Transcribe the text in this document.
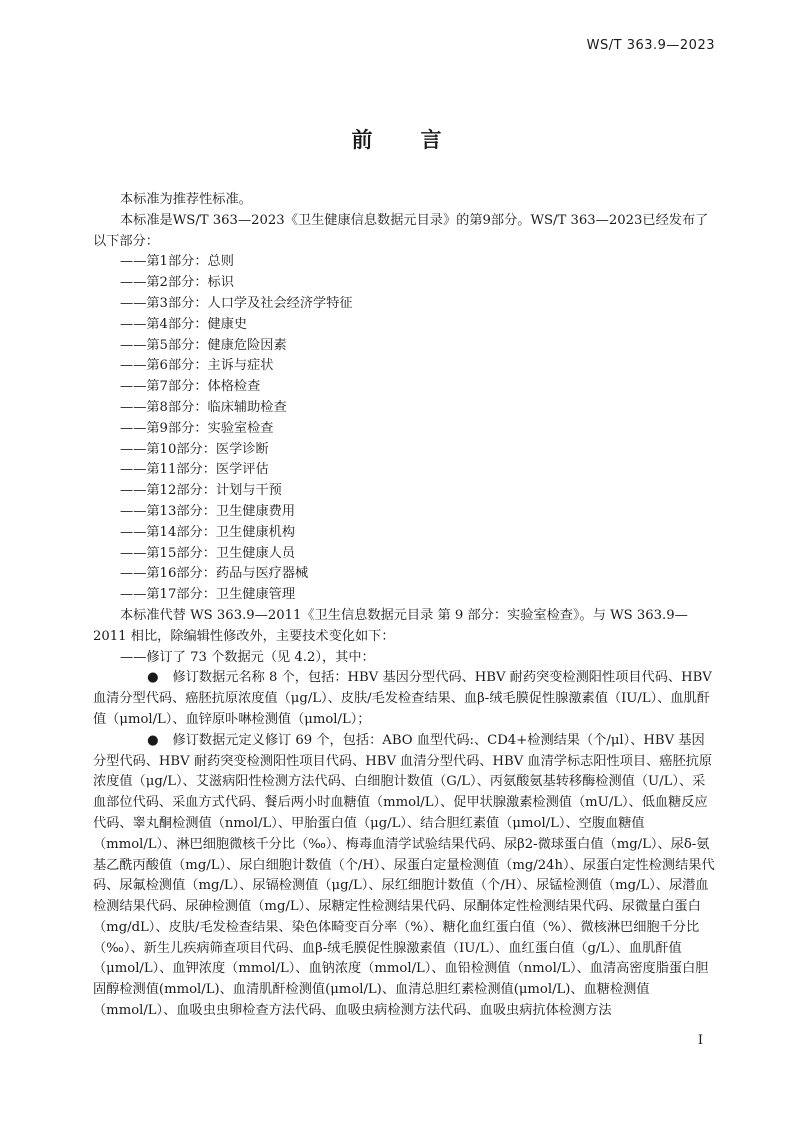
WS/T 363.9—2023
前言

本标准为推荐性标准。

本标准是WS/T 363—2023《卫生健康信息数据元目录》的第9部分。WS/T 363—2023已经发布了以下部分：

——第1部分：总则
——第2部分：标识
——第3部分：人口学及社会经济学特征
——第4部分：健康史
——第5部分：健康危险因素
——第6部分：主诉与症状
——第7部分：体格检查
——第8部分：临床辅助检查
——第9部分：实验室检查
——第10部分：医学诊断
——第11部分：医学评估
——第12部分：计划与干预
——第13部分：卫生健康费用
——第14部分：卫生健康机构
——第15部分：卫生健康人员
——第16部分：药品与医疗器械
——第17部分：卫生健康管理

本标准代替 WS 363.9—2011《卫生信息数据元目录 第 9 部分：实验室检查》。与 WS 363.9—2011 相比，除编辑性修改外，主要技术变化如下：

——修订了 73 个数据元（见 4.2），其中：

● 修订数据元名称 8 个，包括：HBV 基因分型代码、HBV 耐药突变检测阳性项目代码、HBV 血清分型代码、癌胚抗原浓度值（μg/L）、皮肤/毛发检查结果、血β-绒毛膜促性腺激素值（IU/L）、血肌酐值（μmol/L）、血锌原卟啉检测值（μmol/L）；

● 修订数据元定义修订 69 个，包括：ABO 血型代码:、CD4+检测结果（个/μl）、HBV 基因分型代码、HBV 耐药突变检测阳性项目代码、HBV 血清分型代码、HBV 血清学标志阳性项目、癌胚抗原浓度值（μg/L）、艾滋病阳性检测方法代码、白细胞计数值（G/L）、丙氨酸氨基转移酶检测值（U/L）、采血部位代码、采血方式代码、餐后两小时血糖值（mmol/L）、促甲状腺激素检测值（mU/L）、低血糖反应代码、睾丸酮检测值（nmol/L）、甲胎蛋白值（μg/L）、结合胆红素值（μmol/L）、空腹血糖值（mmol/L）、淋巴细胞微核千分比（‰）、梅毒血清学试验结果代码、尿β2-微球蛋白值（mg/L）、尿δ-氨基乙酰丙酸值（mg/L）、尿白细胞计数值（个/H）、尿蛋白定量检测值（mg/24h）、尿蛋白定性检测结果代码、尿氟检测值（mg/L）、尿镉检测值（μg/L）、尿红细胞计数值（个/H）、尿锰检测值（mg/L）、尿潜血检测结果代码、尿砷检测值（mg/L）、尿糖定性检测结果代码、尿酮体定性检测结果代码、尿微量白蛋白（mg/dL）、皮肤/毛发检查结果、染色体畸变百分率（%）、糖化血红蛋白值（%）、微核淋巴细胞千分比（‰）、新生儿疾病筛查项目代码、血β-绒毛膜促性腺激素值（IU/L）、血红蛋白值（g/L）、血肌酐值（μmol/L）、血钾浓度（mmol/L）、血钠浓度（mmol/L）、血铅检测值（nmol/L）、血清高密度脂蛋白胆固醇检测值(mmol/L)、血清肌酐检测值(μmol/L)、血清总胆红素检测值(μmol/L)、血糖检测值（mmol/L）、血吸虫虫卵检查方法代码、血吸虫病检测方法代码、血吸虫病抗体检测方法

I
